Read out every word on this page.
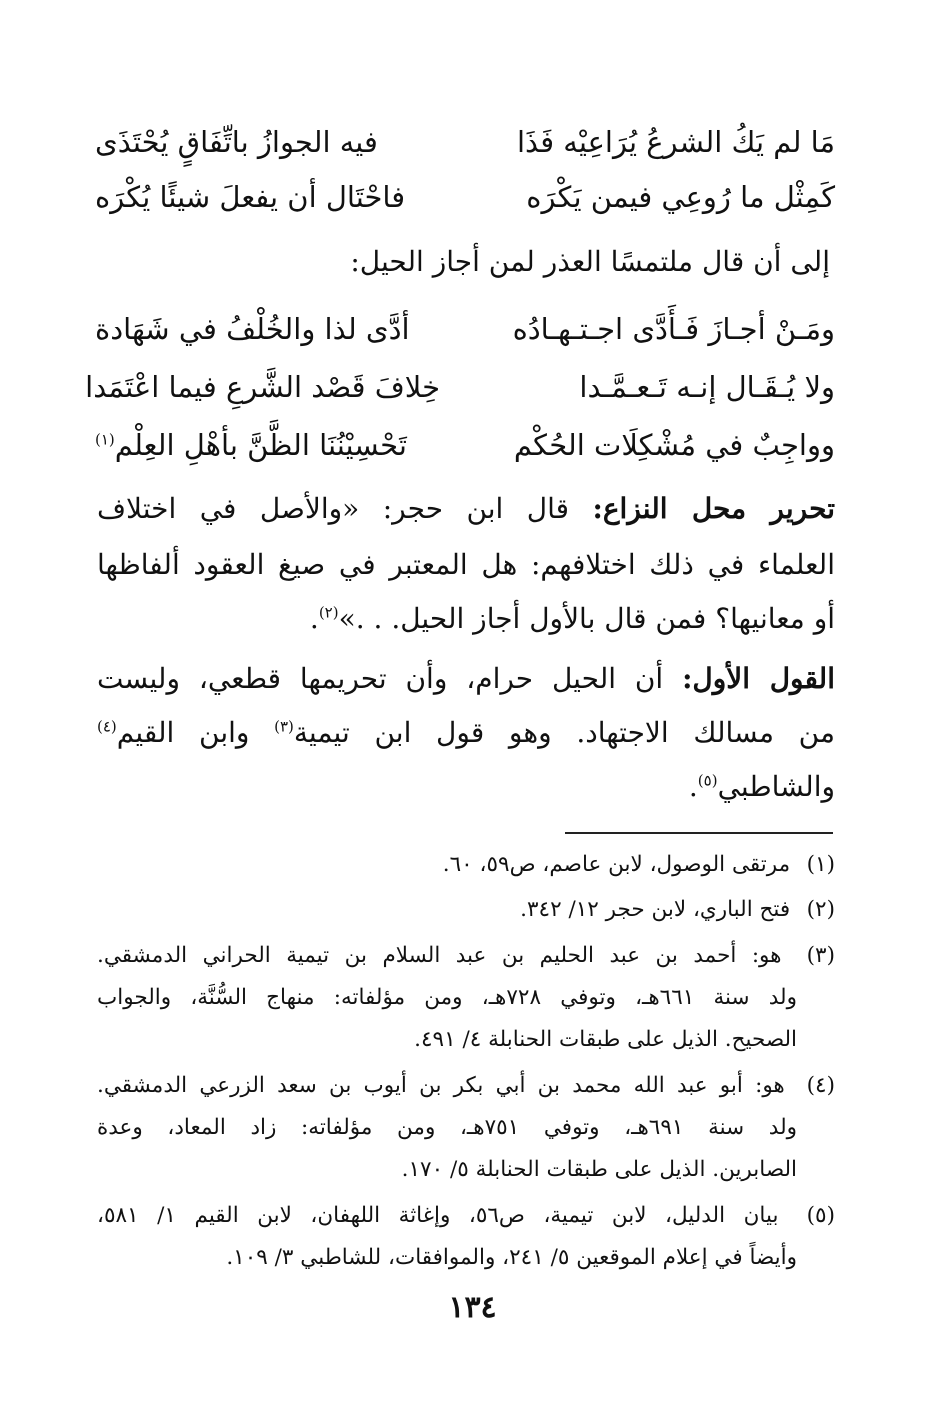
مَا لم يَكُ الشرعُ يُرَاعِيْه فَذَا
فيه الجوازُ باتِّفَاقٍ يُحْتَذَى
كَمِثْل ما رُوعِي فيمن يَكْرَه
فاحْتَال أن يفعلَ شيئًا يُكْرَه
إلى أن قال ملتمسًا العذر لمن أجاز الحيل:
ومَـنْ أجـازَ فَـأَدَّى اجـتـهـادُه
أدَّى لذا والخُلْفُ في شَهَادة
ولا يُـقَـال إنـه تَـعـمَّـدا
خِلافَ قَصْد الشَّرعِ فيما اعْتَمَدا
وواجِبٌ في مُشْكِلَات الحُكْم
تَحْسِيْنُنَا الظَّنَّ بأهْلِ العِلْم$^{(١)}$
تحرير محل النزاع: قال ابن حجر: «والأصل في اختلاف
العلماء في ذلك اختلافهم: هل المعتبر في صيغ العقود ألفاظها
أو معانيها؟ فمن قال بالأول أجاز الحيل. . .»$^{(٢)}$.
القول الأول: أن الحيل حرام، وأن تحريمها قطعي، وليست
من مسالك الاجتهاد. وهو قول ابن تيمية$^{(٣)}$ وابن القيم$^{(٤)}$
والشاطبي$^{(٥)}$.
(١) مرتقى الوصول، لابن عاصم، ص٥٩، ٦٠.
(٢) فتح الباري، لابن حجر ١٢/ ٣٤٢.
(٣) هو: أحمد بن عبد الحليم بن عبد السلام بن تيمية الحراني الدمشقي.
ولد سنة ٦٦١هـ، وتوفي ٧٢٨هـ، ومن مؤلفاته: منهاج السُّنَّة، والجواب
الصحيح. الذيل على طبقات الحنابلة ٤/ ٤٩١.
(٤) هو: أبو عبد الله محمد بن أبي بكر بن أيوب بن سعد الزرعي الدمشقي.
ولد سنة ٦٩١هـ، وتوفي ٧٥١هـ، ومن مؤلفاته: زاد المعاد، وعدة
الصابرين. الذيل على طبقات الحنابلة ٥/ ١٧٠.
(٥) بيان الدليل، لابن تيمية، ص٥٦، وإغاثة اللهفان، لابن القيم ١/ ٥٨١،
وأيضاً في إعلام الموقعين ٥/ ٢٤١، والموافقات، للشاطبي ٣/ ١٠٩.
١٣٤
